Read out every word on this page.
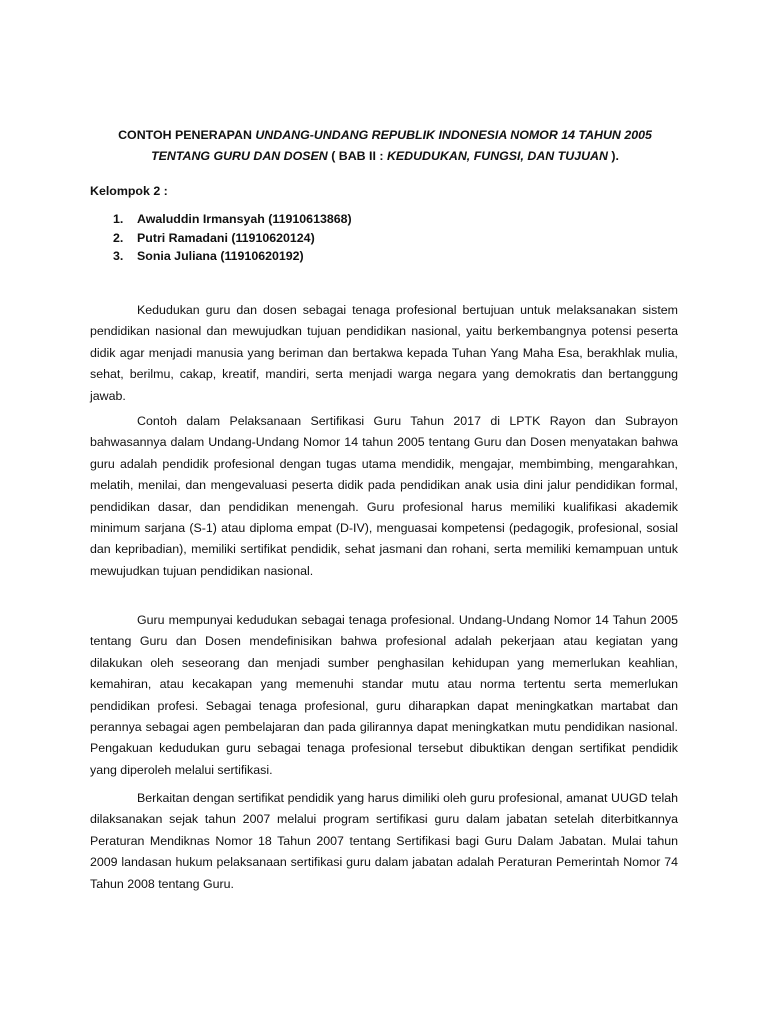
CONTOH PENERAPAN UNDANG-UNDANG REPUBLIK INDONESIA NOMOR 14 TAHUN 2005 TENTANG GURU DAN DOSEN ( BAB II : KEDUDUKAN, FUNGSI, DAN TUJUAN ).
Kelompok 2 :
1.	Awaluddin Irmansyah (11910613868)
2.	Putri Ramadani (11910620124)
3.	Sonia Juliana (11910620192)

Kedudukan guru dan dosen sebagai tenaga profesional bertujuan untuk melaksanakan sistem pendidikan nasional dan mewujudkan tujuan pendidikan nasional, yaitu berkembangnya potensi peserta didik agar menjadi manusia yang beriman dan bertakwa kepada Tuhan Yang Maha Esa, berakhlak mulia, sehat, berilmu, cakap, kreatif, mandiri, serta menjadi warga negara yang demokratis dan bertanggung jawab.

Contoh dalam Pelaksanaan Sertifikasi Guru Tahun 2017 di LPTK Rayon dan Subrayon bahwasannya dalam Undang-Undang Nomor 14 tahun 2005 tentang Guru dan Dosen menyatakan bahwa guru adalah pendidik profesional dengan tugas utama mendidik, mengajar, membimbing, mengarahkan, melatih, menilai, dan mengevaluasi peserta didik pada pendidikan anak usia dini jalur pendidikan formal, pendidikan dasar, dan pendidikan menengah. Guru profesional harus memiliki kualifikasi akademik minimum sarjana (S-1) atau diploma empat (D-IV), menguasai kompetensi (pedagogik, profesional, sosial dan kepribadian), memiliki sertifikat pendidik, sehat jasmani dan rohani, serta memiliki kemampuan untuk mewujudkan tujuan pendidikan nasional.

Guru mempunyai kedudukan sebagai tenaga profesional. Undang-Undang Nomor 14 Tahun 2005 tentang Guru dan Dosen mendefinisikan bahwa profesional adalah pekerjaan atau kegiatan yang dilakukan oleh seseorang dan menjadi sumber penghasilan kehidupan yang memerlukan keahlian, kemahiran, atau kecakapan yang memenuhi standar mutu atau norma tertentu serta memerlukan pendidikan profesi. Sebagai tenaga profesional, guru diharapkan dapat meningkatkan martabat dan perannya sebagai agen pembelajaran dan pada gilirannya dapat meningkatkan mutu pendidikan nasional. Pengakuan kedudukan guru sebagai tenaga profesional tersebut dibuktikan dengan sertifikat pendidik yang diperoleh melalui sertifikasi.

Berkaitan dengan sertifikat pendidik yang harus dimiliki oleh guru profesional, amanat UUGD telah dilaksanakan sejak tahun 2007 melalui program sertifikasi guru dalam jabatan setelah diterbitkannya Peraturan Mendiknas Nomor 18 Tahun 2007 tentang Sertifikasi bagi Guru Dalam Jabatan. Mulai tahun 2009 landasan hukum pelaksanaan sertifikasi guru dalam jabatan adalah Peraturan Pemerintah Nomor 74 Tahun 2008 tentang Guru.
